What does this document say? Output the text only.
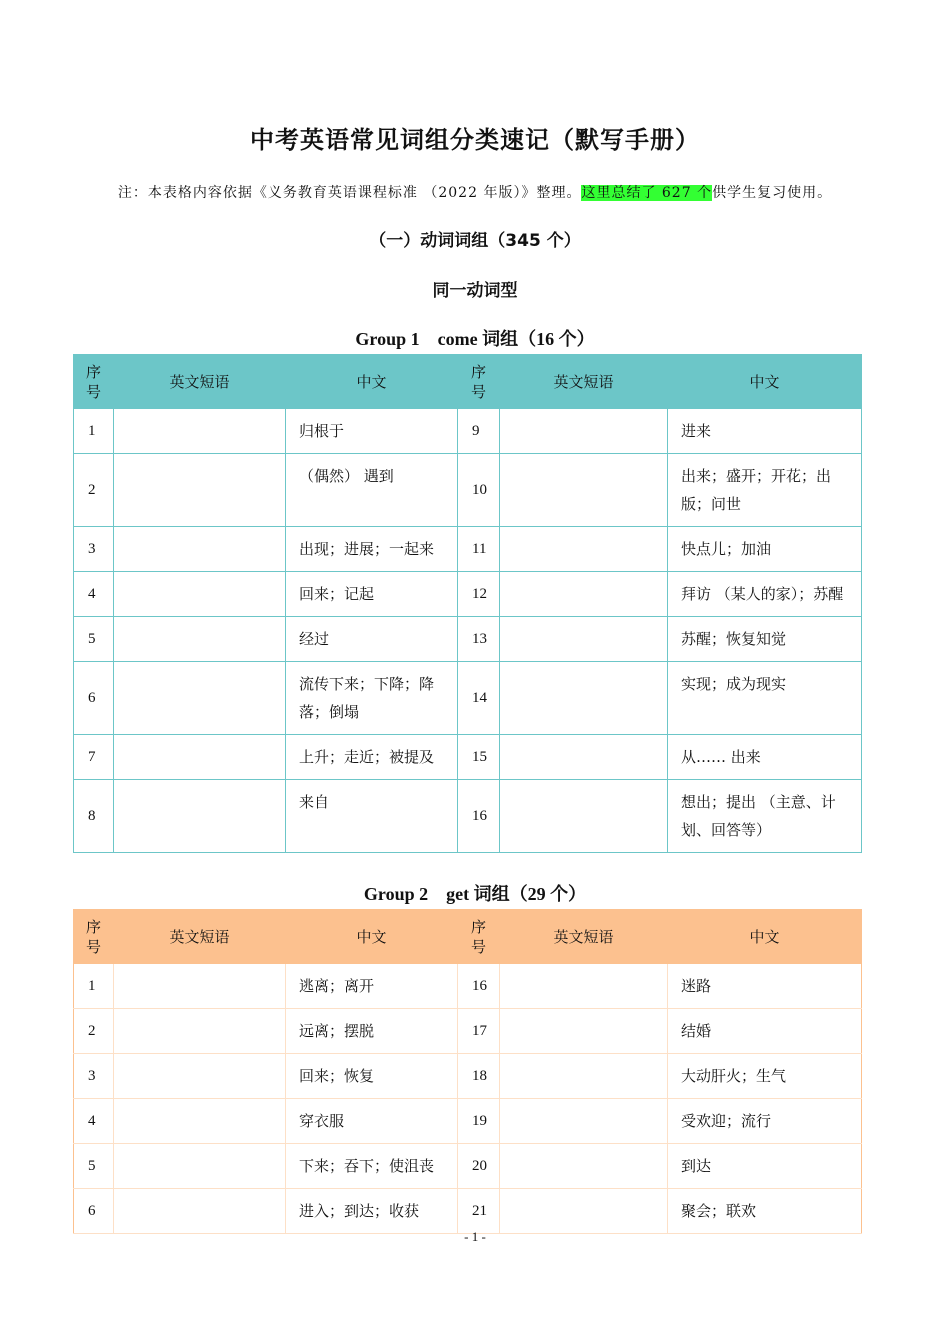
中考英语常见词组分类速记（默写手册）
注：本表格内容依据《义务教育英语课程标准 （2022 年版）》整理。这里总结了 627 个供学生复习使用。
（一）动词词组（345 个）
同一动词型
Group 1　come 词组（16 个）
序号	英文短语	中文	序号	英文短语	中文
1		归根于	9		进来
2		（偶然） 遇到	10		出来；盛开；开花；出版；问世
3		出现；进展；一起来	11		快点儿；加油
4		回来；记起	12		拜访 （某人的家）；苏醒
5		经过	13		苏醒；恢复知觉
6		流传下来；下降；降落；倒塌	14		实现；成为现实
7		上升；走近；被提及	15		从…… 出来
8		来自	16		想出；提出 （主意、计划、回答等）
Group 2　get 词组（29 个）
序号	英文短语	中文	序号	英文短语	中文
1		逃离；离开	16		迷路
2		远离；摆脱	17		结婚
3		回来；恢复	18		大动肝火；生气
4		穿衣服	19		受欢迎；流行
5		下来；吞下；使沮丧	20		到达
6		进入；到达；收获	21		聚会；联欢
- 1 -
